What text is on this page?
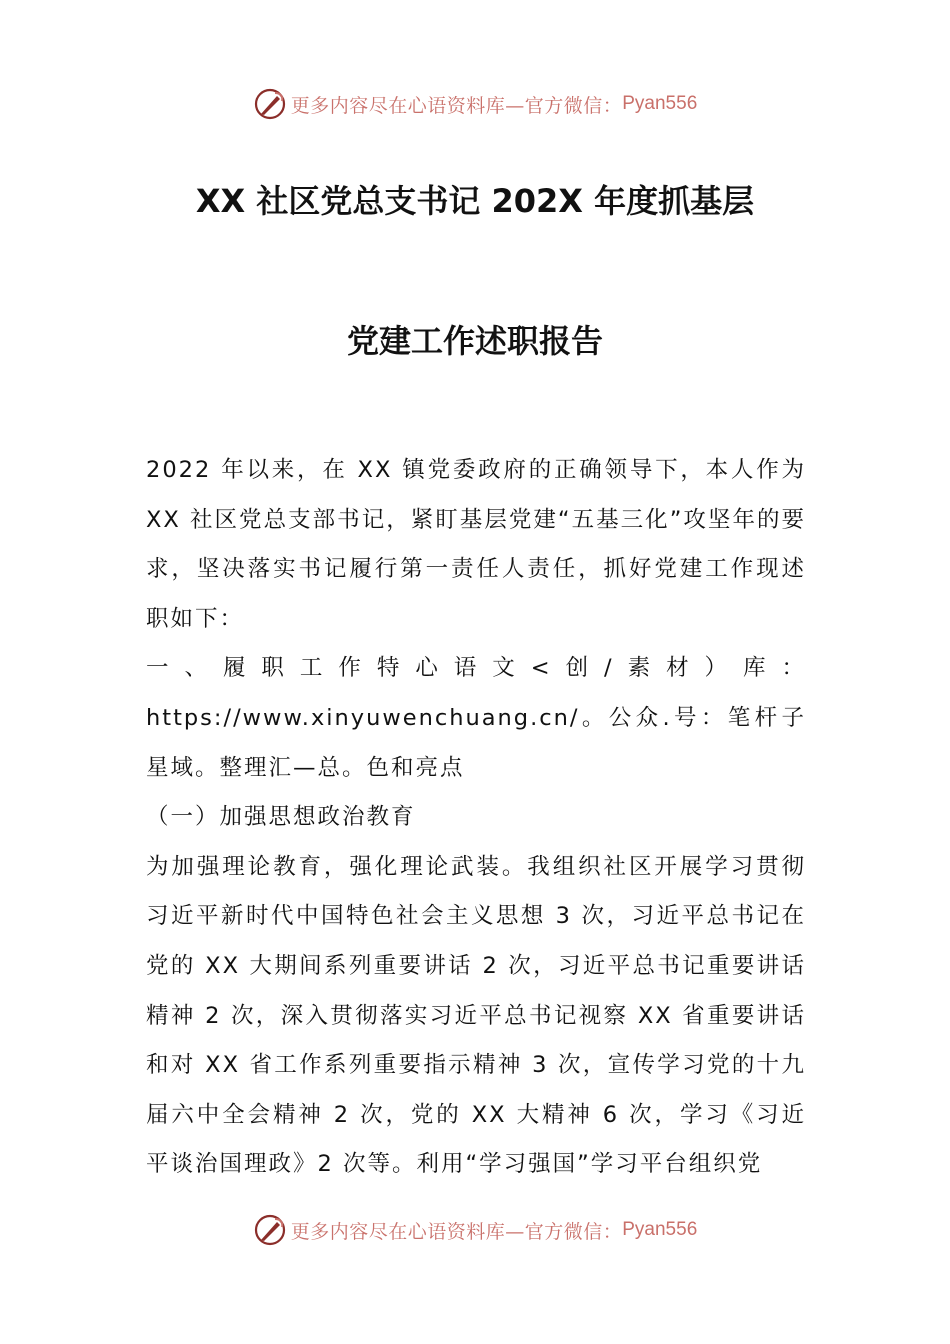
更多内容尽在心语资料库—官方微信： Pyan556
XX 社区党总支书记 202X 年度抓基层
党建工作述职报告

2022 年以来，在 XX 镇党委政府的正确领导下，本人作为 XX 社区党总支部书记，紧盯基层党建“五基三化”攻坚年的要求，坚决落实书记履行第一责任人责任，抓好党建工作现述职如下：

一、履职工作特心语文<创/素材）库：https://www.xinyuwenchuang.cn/。公众.号：笔杆子星域。整理汇—总。色和亮点

（一）加强思想政治教育

为加强理论教育，强化理论武装。我组织社区开展学习贯彻习近平新时代中国特色社会主义思想 3 次，习近平总书记在党的 XX 大期间系列重要讲话 2 次，习近平总书记重要讲话精神 2 次，深入贯彻落实习近平总书记视察 XX 省重要讲话和对 XX 省工作系列重要指示精神 3 次，宣传学习党的十九届六中全会精神 2 次，党的 XX 大精神 6 次，学习《习近平谈治国理政》2 次等。利用“学习强国”学习平台组织党

更多内容尽在心语资料库—官方微信： Pyan556
